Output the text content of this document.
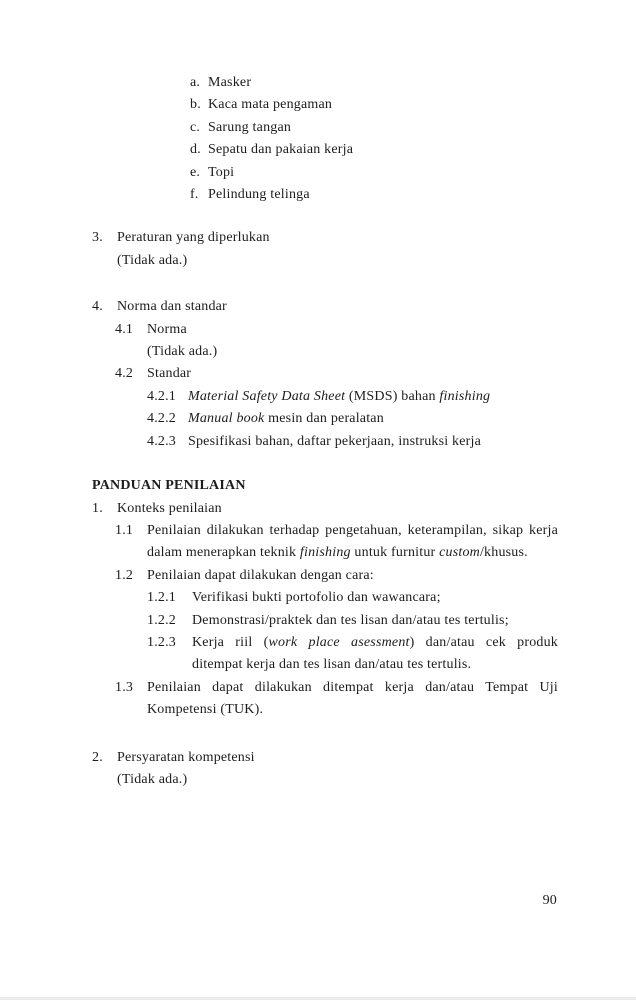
a. Masker
b. Kaca mata pengaman
c. Sarung tangan
d. Sepatu dan pakaian kerja
e. Topi
f. Pelindung telinga
3.	Peraturan yang diperlukan
(Tidak ada.)
4.	Norma dan standar
4.1 Norma
(Tidak ada.)
4.2 Standar
4.2.1 Material Safety Data Sheet (MSDS) bahan finishing
4.2.2 Manual book mesin dan peralatan
4.2.3 Spesifikasi bahan, daftar pekerjaan, instruksi kerja
PANDUAN PENILAIAN
1.	Konteks penilaian
1.1 Penilaian dilakukan terhadap pengetahuan, keterampilan, sikap kerja dalam menerapkan teknik finishing untuk furnitur custom/khusus.
1.2 Penilaian dapat dilakukan dengan cara:
1.2.1	Verifikasi bukti portofolio dan wawancara;
1.2.2	Demonstrasi/praktek dan tes lisan dan/atau tes tertulis;
1.2.3	Kerja riil (work place asessment) dan/atau cek produk ditempat kerja dan tes lisan dan/atau tes tertulis.
1.3 Penilaian dapat dilakukan ditempat kerja dan/atau Tempat Uji Kompetensi (TUK).
2.	Persyaratan kompetensi
(Tidak ada.)
90
